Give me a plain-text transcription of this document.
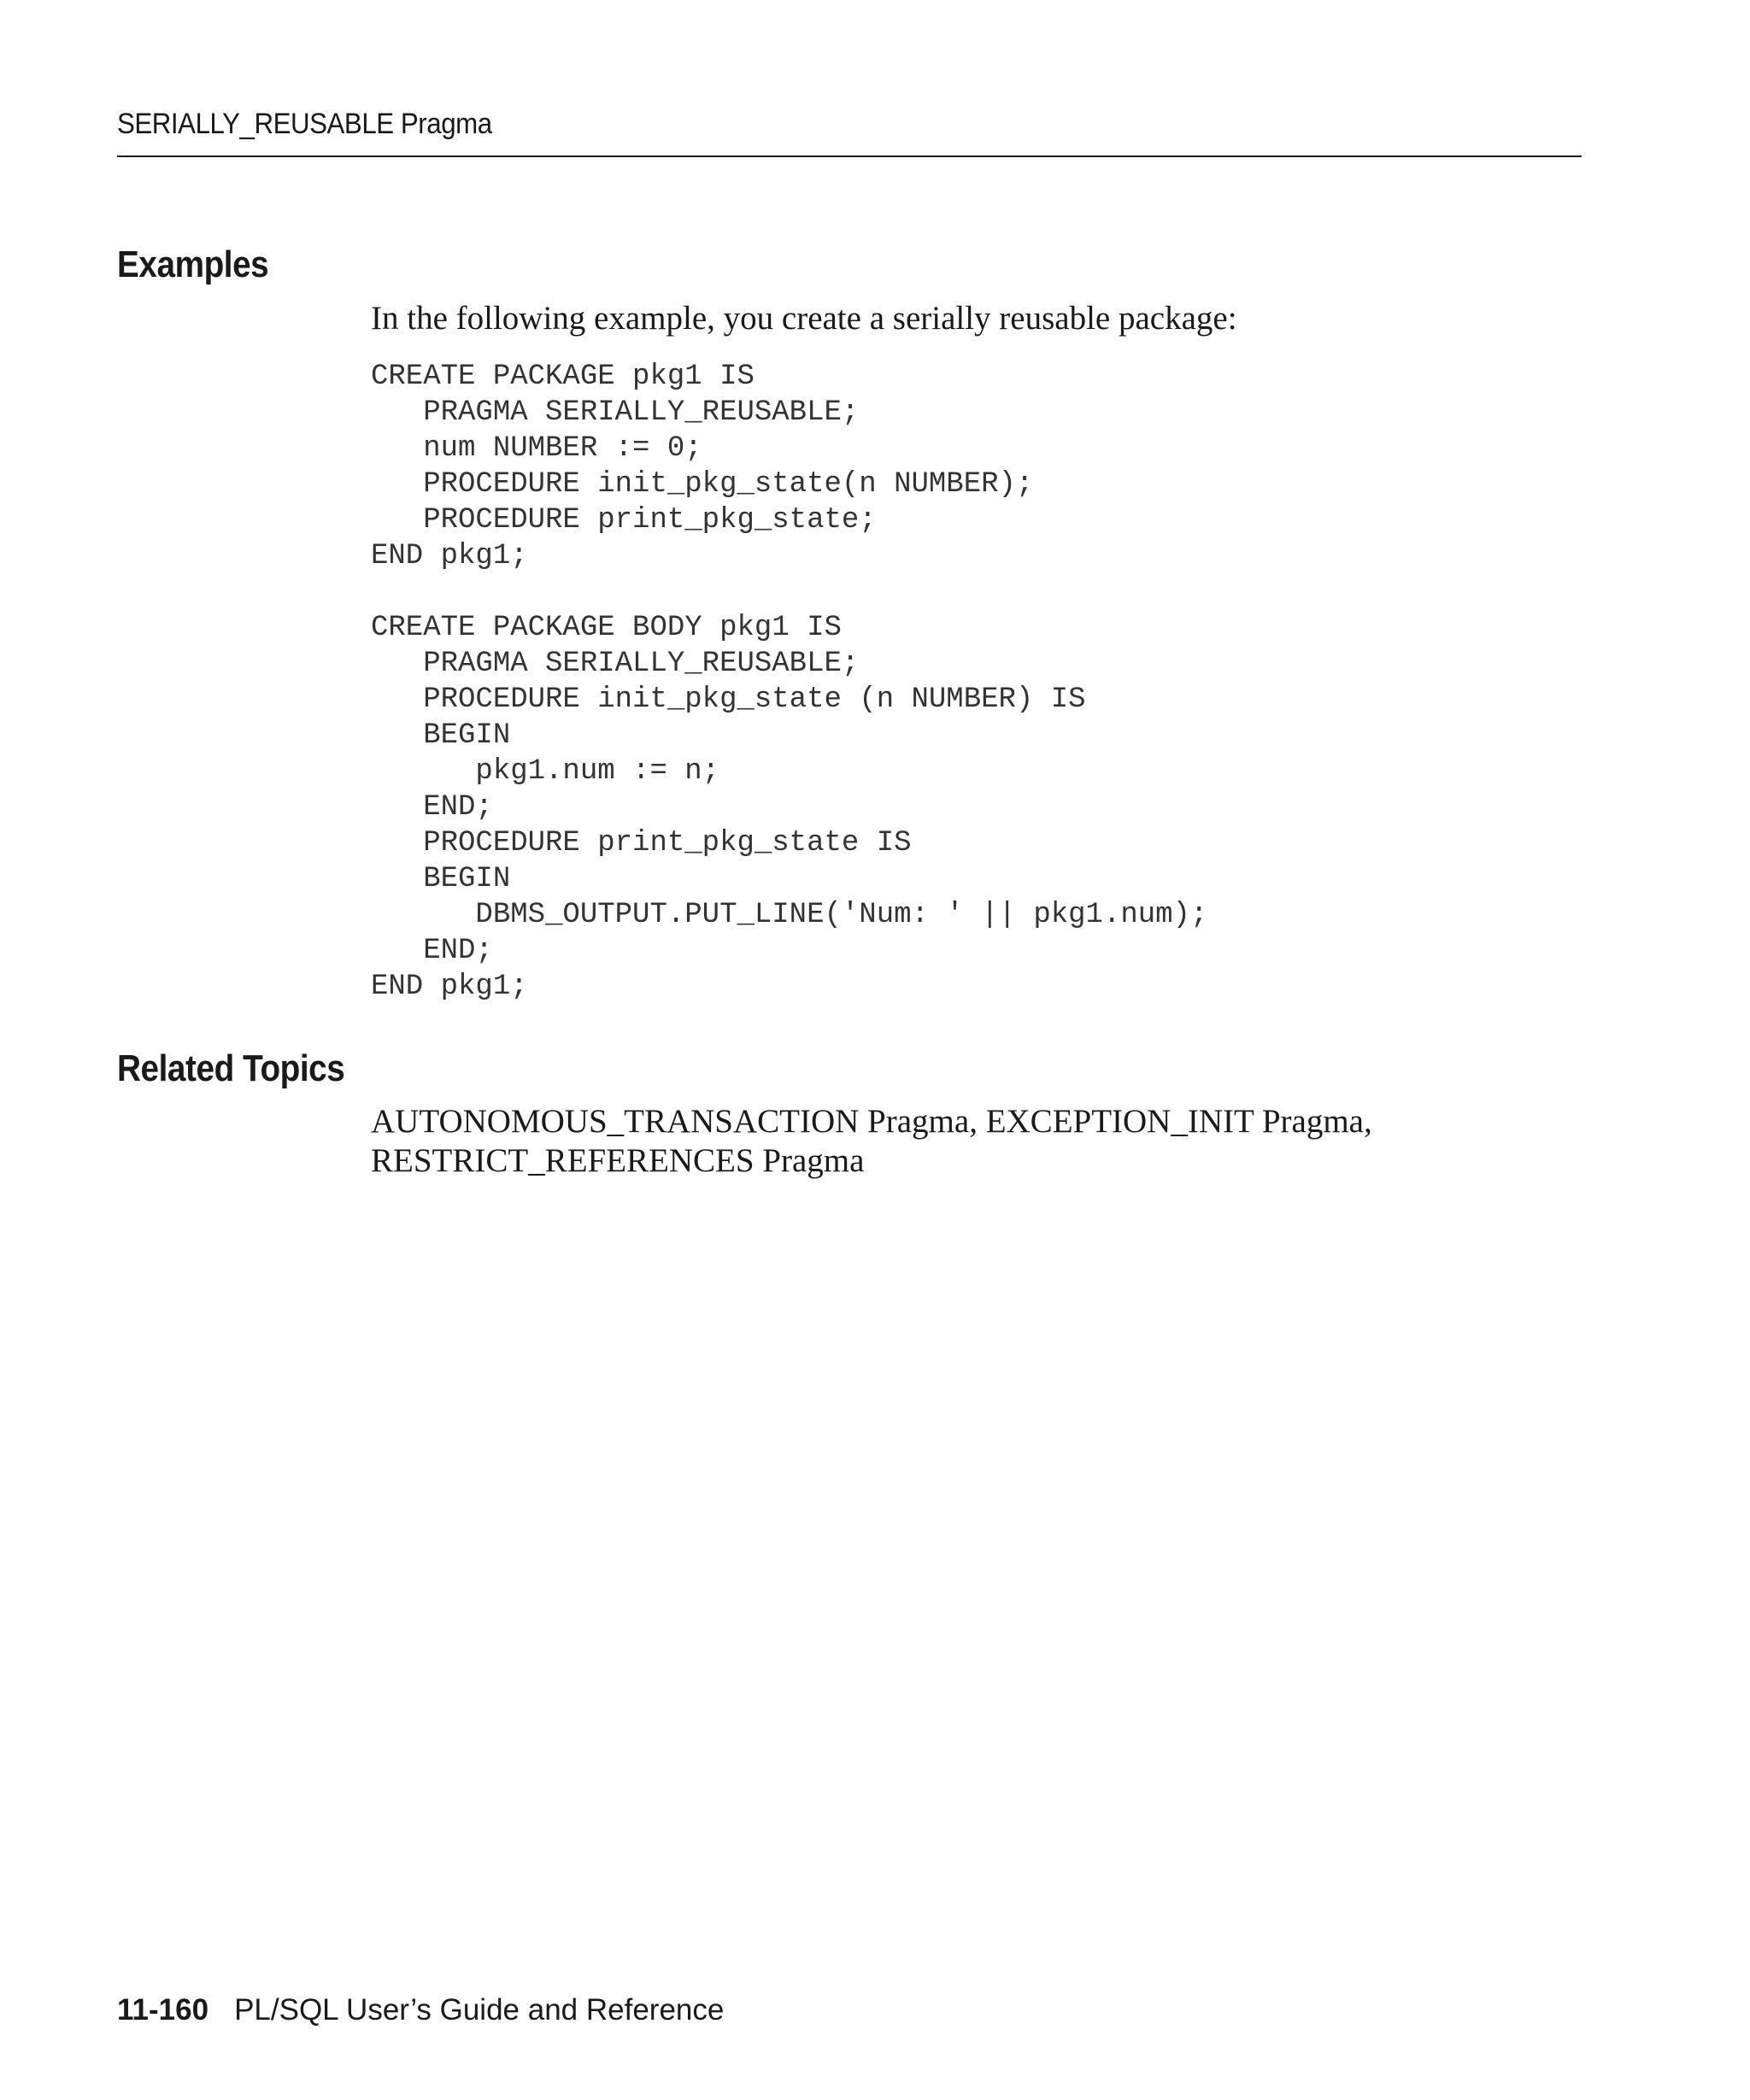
SERIALLY_REUSABLE Pragma
Examples
In the following example, you create a serially reusable package:
CREATE PACKAGE pkg1 IS
PRAGMA SERIALLY_REUSABLE;
num NUMBER := 0;
PROCEDURE init_pkg_state(n NUMBER);
PROCEDURE print_pkg_state;
END pkg1;
CREATE PACKAGE BODY pkg1 IS
PRAGMA SERIALLY_REUSABLE;
PROCEDURE init_pkg_state (n NUMBER) IS
BEGIN
pkg1.num := n;
END;
PROCEDURE print_pkg_state IS
BEGIN
DBMS_OUTPUT.PUT_LINE('Num: ' || pkg1.num);
END;
END pkg1;
Related Topics
AUTONOMOUS_TRANSACTION Pragma, EXCEPTION_INIT Pragma,
RESTRICT_REFERENCES Pragma
11-160 PL/SQL User’s Guide and Reference
